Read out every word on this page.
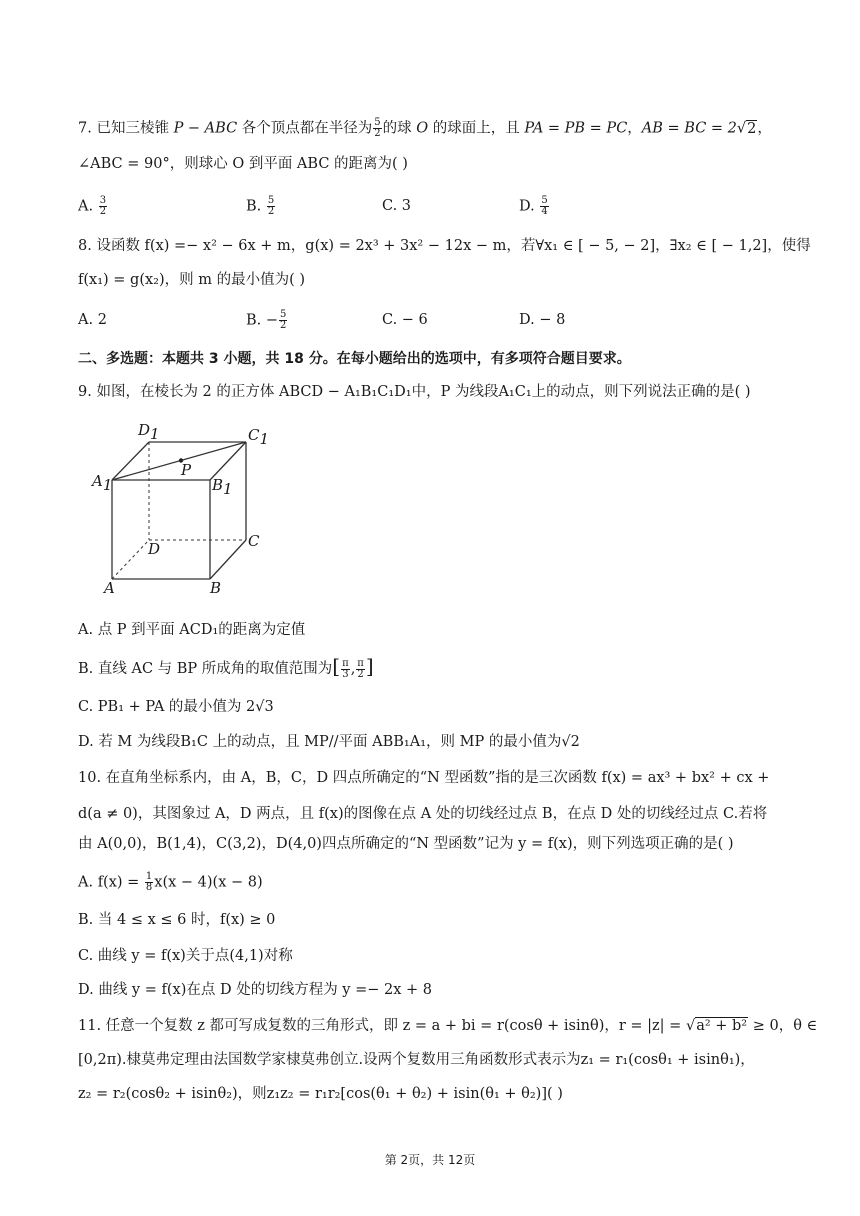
7. 已知三棱锥 P − ABC 各个顶点都在半径为 $\frac{5}{2}$ 的球 O 的球面上，且 PA = PB = PC，AB = BC = 2√2，
∠ABC = 90°，则球心 O 到平面 ABC 的距离为( )
A. $\frac{3}{2}$	B. $\frac{5}{2}$	C. 3	D. $\frac{5}{4}$
8. 设函数 f(x) =− x² − 6x + m，g(x) = 2x³ + 3x² − 12x − m，若∀x₁ ∈ [ − 5, − 2]，∃x₂ ∈ [ − 1,2]，使得
f(x₁) = g(x₂)，则 m 的最小值为( )
A. 2	B. − $\frac{5}{2}$	C. − 6	D. − 8
二、多选题：本题共 3 小题，共 18 分。在每小题给出的选项中，有多项符合题目要求。
9. 如图，在棱长为 2 的正方体 ABCD − A₁B₁C₁D₁中，P 为线段A₁C₁上的动点，则下列说法正确的是( )
D1	C1
P
A1	B1
D	C
A	B
A. 点 P 到平面 ACD₁的距离为定值
B. 直线 AC 与 BP 所成角的取值范围为[ $\frac{\pi}{3}$ , $\frac{\pi}{2}$ ]
C. PB₁ + PA 的最小值为 2√3
D. 若 M 为线段B₁C 上的动点，且 MP//平面 ABB₁A₁，则 MP 的最小值为√2
10. 在直角坐标系内，由 A，B，C，D 四点所确定的“N 型函数”指的是三次函数 f(x) = ax³ + bx² + cx +
d(a ≠ 0)，其图象过 A，D 两点，且 f(x)的图像在点 A 处的切线经过点 B，在点 D 处的切线经过点 C.若将
由 A(0,0)，B(1,4)，C(3,2)，D(4,0)四点所确定的“N 型函数”记为 y = f(x)，则下列选项正确的是( )
A. $f(x) = \frac{1}{8} x(x - 4)(x - 8)$
B. 当 4 ≤ x ≤ 6 时，f(x) ≥ 0
C. 曲线 y = f(x)关于点(4,1)对称
D. 曲线 y = f(x)在点 D 处的切线方程为 y =− 2x + 8
11. 任意一个复数 z 都可写成复数的三角形式，即 z = a + bi = r(cosθ + isinθ)，r = |z| = √a² + b² ≥ 0，θ ∈
[0,2π).棣莫弗定理由法国数学家棣莫弗创立.设两个复数用三角函数形式表示为z₁ = r₁(cosθ₁ + isinθ₁)，
z₂ = r₂(cosθ₂ + isinθ₂)，则z₁z₂ = r₁r₂[cos(θ₁ + θ₂) + isin(θ₁ + θ₂)]( )
第 2页，共 12页
